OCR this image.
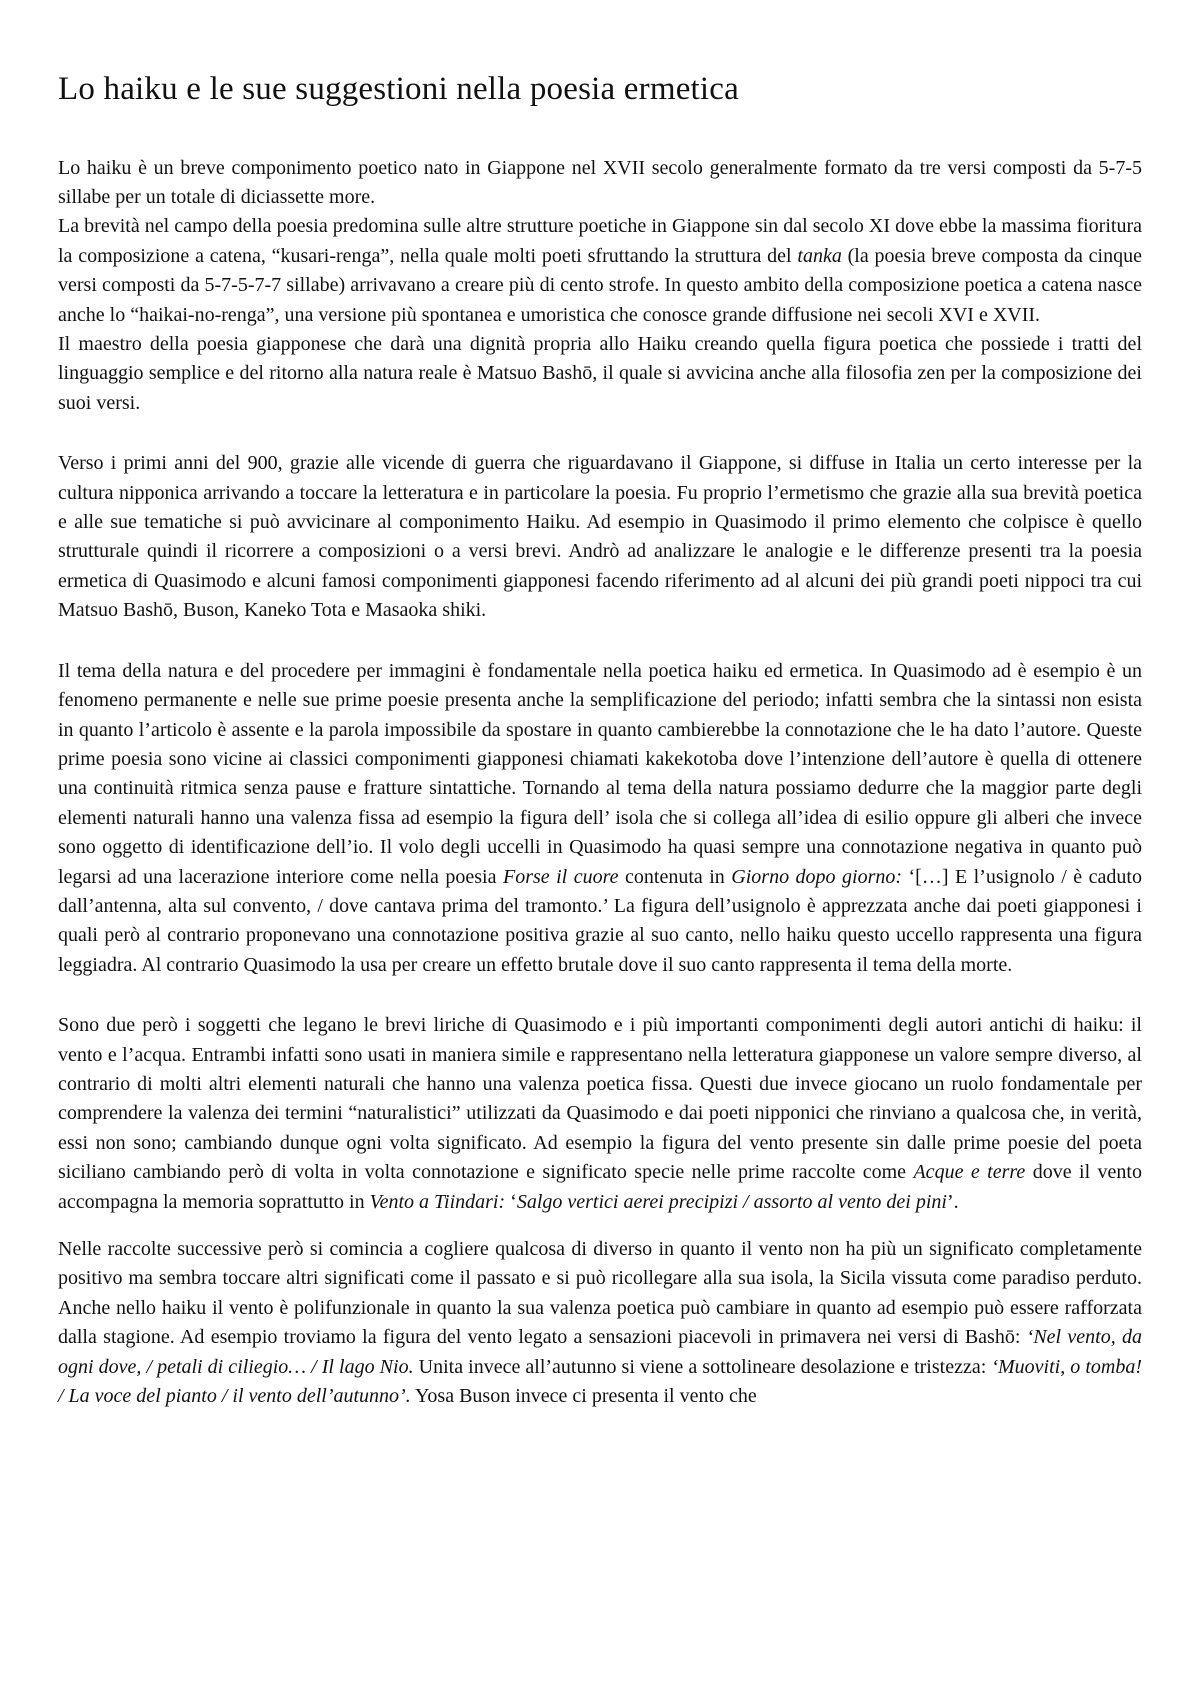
Lo haiku e le sue suggestioni nella poesia ermetica

Lo haiku è un breve componimento poetico nato in Giappone nel XVII secolo generalmente formato da tre versi composti da 5-7-5 sillabe per un totale di diciassette more.

La brevità nel campo della poesia predomina sulle altre strutture poetiche in Giappone sin dal secolo XI dove ebbe la massima fioritura la composizione a catena, “kusari-renga”, nella quale molti poeti sfruttando la struttura del tanka (la poesia breve composta da cinque versi composti da 5-7-5-7-7 sillabe) arrivavano a creare più di cento strofe. In questo ambito della composizione poetica a catena nasce anche lo “haikai-no-renga”, una versione più spontanea e umoristica che conosce grande diffusione nei secoli XVI e XVII.

Il maestro della poesia giapponese che darà una dignità propria allo Haiku creando quella figura poetica che possiede i tratti del linguaggio semplice e del ritorno alla natura reale è Matsuo Bashō, il quale si avvicina anche alla filosofia zen per la composizione dei suoi versi.

Verso i primi anni del 900, grazie alle vicende di guerra che riguardavano il Giappone, si diffuse in Italia un certo interesse per la cultura nipponica arrivando a toccare la letteratura e in particolare la poesia. Fu proprio l’ermetismo che grazie alla sua brevità poetica e alle sue tematiche si può avvicinare al componimento Haiku. Ad esempio in Quasimodo il primo elemento che colpisce è quello strutturale quindi il ricorrere a composizioni o a versi brevi. Andrò ad analizzare le analogie e le differenze presenti tra la poesia ermetica di Quasimodo e alcuni famosi componimenti giapponesi facendo riferimento ad al alcuni dei più grandi poeti nippoci tra cui Matsuo Bashō, Buson, Kaneko Tota e Masaoka shiki.

Il tema della natura e del procedere per immagini è fondamentale nella poetica haiku ed ermetica. In Quasimodo ad è esempio è un fenomeno permanente e nelle sue prime poesie presenta anche la semplificazione del periodo; infatti sembra che la sintassi non esista in quanto l’articolo è assente e la parola impossibile da spostare in quanto cambierebbe la connotazione che le ha dato l’autore. Queste prime poesia sono vicine ai classici componimenti giapponesi chiamati kakekotoba dove l’intenzione dell’autore è quella di ottenere una continuità ritmica senza pause e fratture sintattiche. Tornando al tema della natura possiamo dedurre che la maggior parte degli elementi naturali hanno una valenza fissa ad esempio la figura dell’ isola che si collega all’idea di esilio oppure gli alberi che invece sono oggetto di identificazione dell’io. Il volo degli uccelli in Quasimodo ha quasi sempre una connotazione negativa in quanto può legarsi ad una lacerazione interiore come nella poesia Forse il cuore contenuta in Giorno dopo giorno: ‘[…] E l’usignolo / è caduto dall’antenna, alta sul convento, / dove cantava prima del tramonto.’ La figura dell’usignolo è apprezzata anche dai poeti giapponesi i quali però al contrario proponevano una connotazione positiva grazie al suo canto, nello haiku questo uccello rappresenta una figura leggiadra. Al contrario Quasimodo la usa per creare un effetto brutale dove il suo canto rappresenta il tema della morte.

Sono due però i soggetti che legano le brevi liriche di Quasimodo e i più importanti componimenti degli autori antichi di haiku: il vento e l’acqua. Entrambi infatti sono usati in maniera simile e rappresentano nella letteratura giapponese un valore sempre diverso, al contrario di molti altri elementi naturali che hanno una valenza poetica fissa. Questi due invece giocano un ruolo fondamentale per comprendere la valenza dei termini “naturalistici” utilizzati da Quasimodo e dai poeti nipponici che rinviano a qualcosa che, in verità, essi non sono; cambiando dunque ogni volta significato. Ad esempio la figura del vento presente sin dalle prime poesie del poeta siciliano cambiando però di volta in volta connotazione e significato specie nelle prime raccolte come Acque e terre dove il vento accompagna la memoria soprattutto in Vento a Tiindari: ‘Salgo vertici aerei precipizi / assorto al vento dei pini’.

Nelle raccolte successive però si comincia a cogliere qualcosa di diverso in quanto il vento non ha più un significato completamente positivo ma sembra toccare altri significati come il passato e si può ricollegare alla sua isola, la Sicila vissuta come paradiso perduto. Anche nello haiku il vento è polifunzionale in quanto la sua valenza poetica può cambiare in quanto ad esempio può essere rafforzata dalla stagione. Ad esempio troviamo la figura del vento legato a sensazioni piacevoli in primavera nei versi di Bashō: ‘Nel vento, da ogni dove, / petali di ciliegio… / Il lago Nio. Unita invece all’autunno si viene a sottolineare desolazione e tristezza: ‘Muoviti, o tomba! / La voce del pianto / il vento dell’autunno’. Yosa Buson invece ci presenta il vento che
